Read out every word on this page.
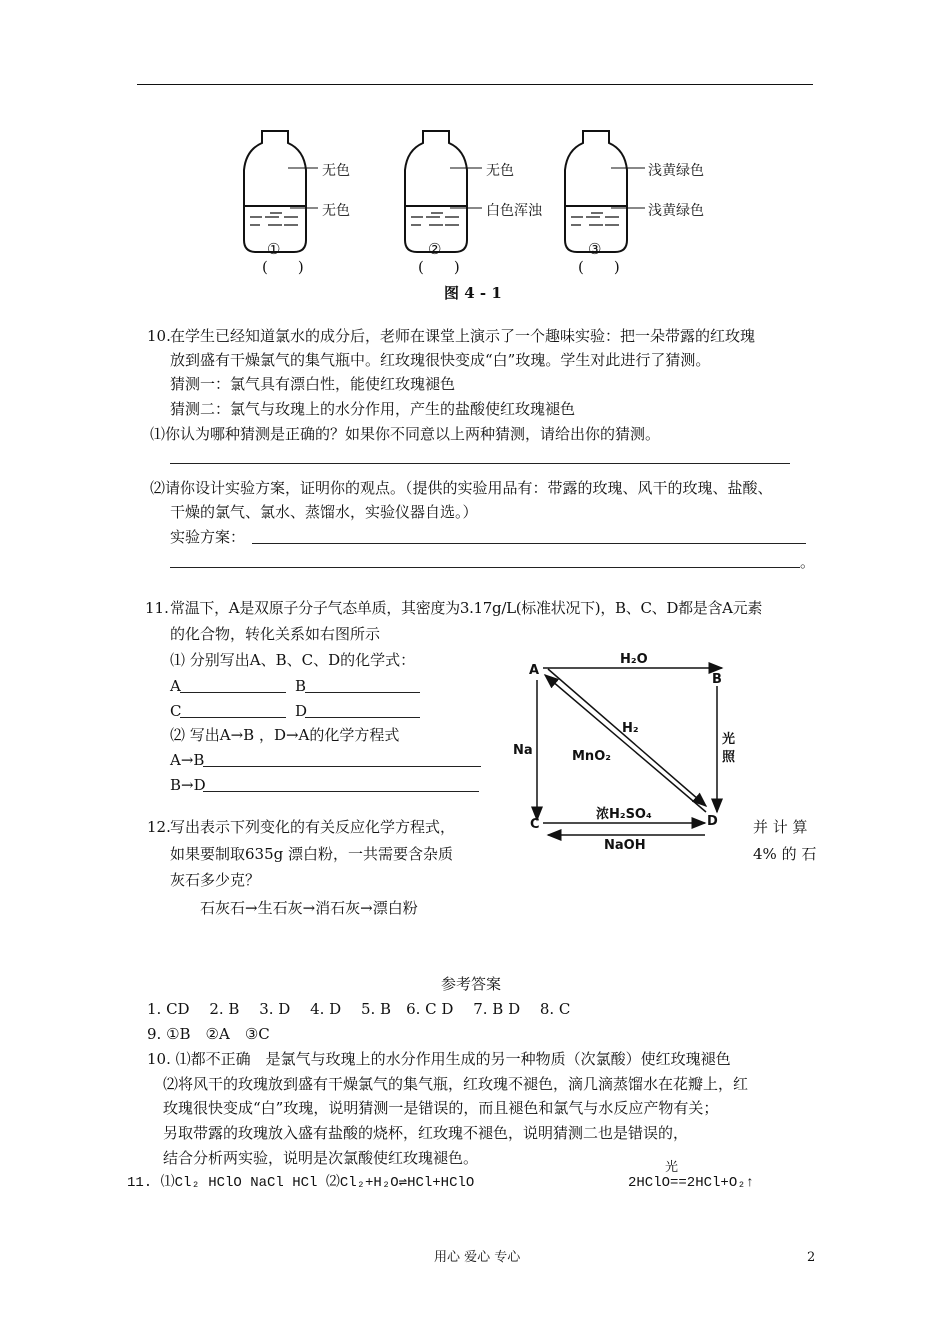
无色
无色
①
(　　)
无色
白色浑浊
②
(　　)
浅黄绿色
浅黄绿色
③
(　　)
图 4 - 1
10. 在学生已经知道氯水的成分后，老师在课堂上演示了一个趣味实验：把一朵带露的红玫瑰
放到盛有干燥氯气的集气瓶中。红玫瑰很快变成“白”玫瑰。学生对此进行了猜测。
猜测一：氯气具有漂白性，能使红玫瑰褪色
猜测二：氯气与玫瑰上的水分作用，产生的盐酸使红玫瑰褪色
⑴你认为哪种猜测是正确的？如果你不同意以上两种猜测，请给出你的猜测。
⑵请你设计实验方案，证明你的观点。（提供的实验用品有：带露的玫瑰、风干的玫瑰、盐酸、
干燥的氯气、氯水、蒸馏水，实验仪器自选。）
实验方案：
。
11. 常温下，A是双原子分子气态单质，其密度为3.17g/L(标准状况下)，B、C、D都是含A元素
的化合物，转化关系如右图所示
⑴ 分别写出A、B、C、D的化学式：
A	B
C	D
⑵ 写出A→B ，D→A的化学方程式
A→B
B→D
A
B
C	D
H₂O
光
照
Na
H₂
MnO₂
浓H₂SO₄
NaOH
12. 写出表示下列变化的有关反应化学方程式，	并 计 算
如果要制取635g 漂白粉，一共需要含杂质	4% 的 石
灰石多少克？
石灰石→生石灰→消石灰→漂白粉
参考答案
1. CD　 2. B　 3. D　 4. D　 5. B　6. C D　 7. B D　 8. C
9. ①B　②A　③C
10. ⑴都不正确　是氯气与玫瑰上的水分作用生成的另一种物质（次氯酸）使红玫瑰褪色
⑵将风干的玫瑰放到盛有干燥氯气的集气瓶，红玫瑰不褪色，滴几滴蒸馏水在花瓣上，红
玫瑰很快变成“白”玫瑰，说明猜测一是错误的，而且褪色和氯气与水反应产物有关；
另取带露的玫瑰放入盛有盐酸的烧杯，红玫瑰不褪色，说明猜测二也是错误的，
结合分析两实验，说明是次氯酸使红玫瑰褪色。
光
11. ⑴Cl₂ HClO NaCl HCl ⑵Cl₂+H₂O⇌HCl+HClO	2HClO==2HCl+O₂↑
用心 爱心 专心	2
